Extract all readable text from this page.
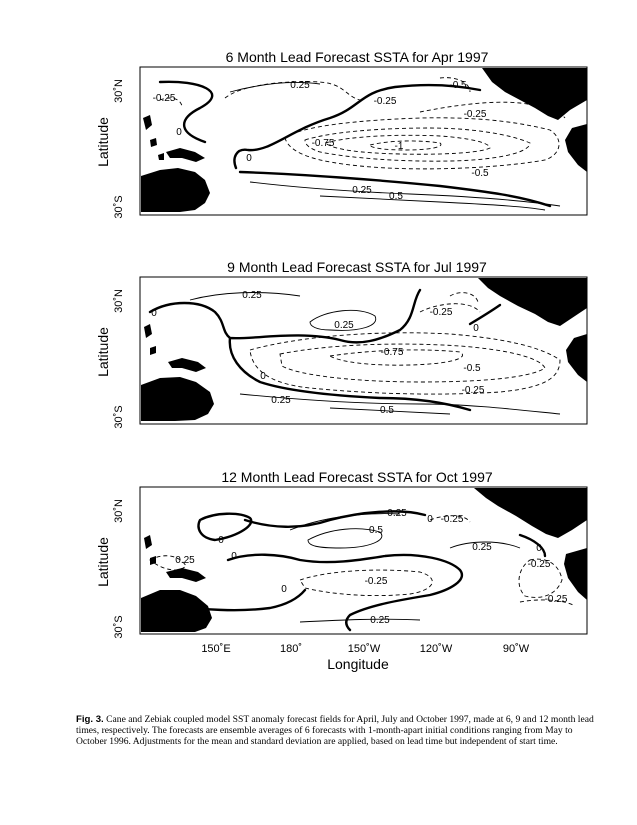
6 Month Lead Forecast SSTA for Apr 1997
30˚N
30˚S
Latitude
0.25
-0.25	-0.25
-0.5
-0.25
0
-0.75	-1
0
-0.5
0.25
0.5
9 Month Lead Forecast SSTA for Jul 1997
30˚N
30˚S
Latitude
0.25
0	-0.25
0.25	0
-0.75
-0.5
0
-0.25
0.25
0.5
12 Month Lead Forecast SSTA for Oct 1997
30˚N
30˚S
Latitude
0.25
0 -0.25
0.5
0
0.25	0
0
0.25	-0.25
0
-0.25
-0.25
0.25
150˚E	180˚	150˚W	120˚W	90˚W
Longitude
Fig. 3. Cane and Zebiak coupled model SST anomaly forecast fields for April, July and October 1997, made at 6, 9 and 12 month lead times, respectively. The forecasts are ensemble averages of 6 forecasts with 1-month-apart initial conditions ranging from May to October 1996. Adjustments for the mean and standard deviation are applied, based on lead time but independent of start time.
